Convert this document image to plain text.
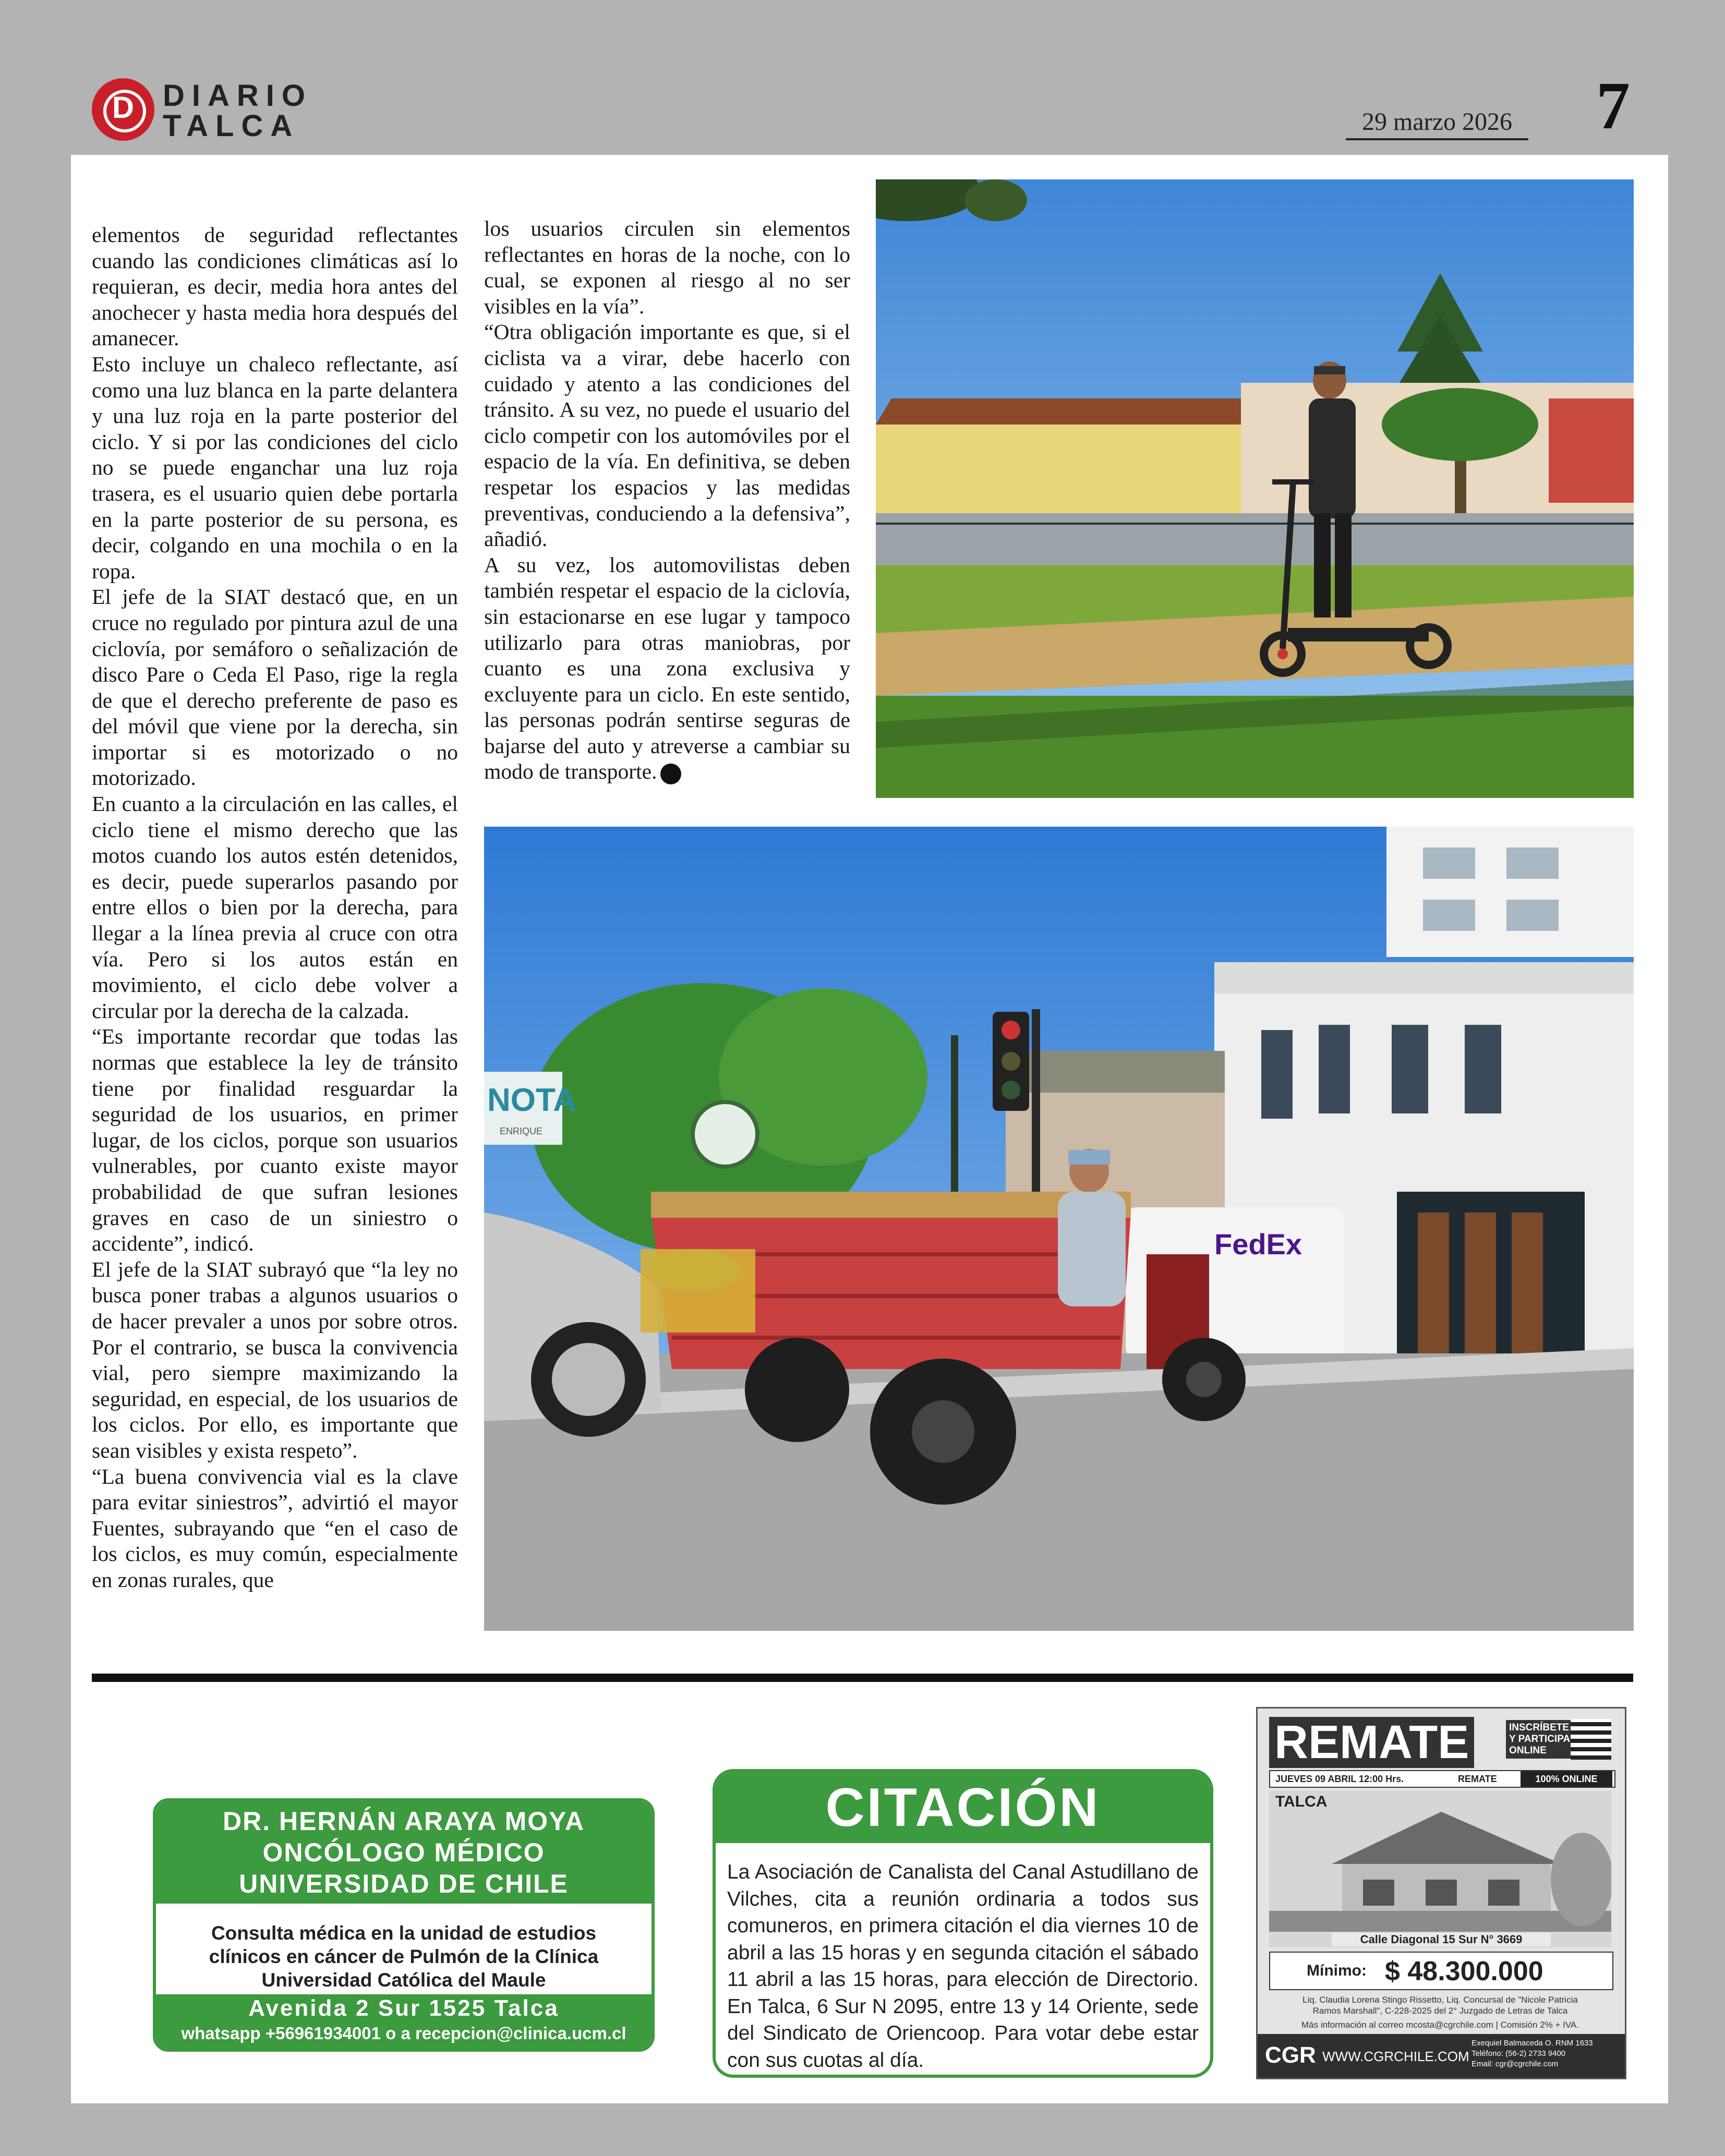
D DIARIO
TALCA	29 marzo 2026 7

elementos de seguridad reflectantes cuando las condiciones climáticas así lo requieran, es decir, media hora antes del anochecer y hasta media hora después del amanecer.

Esto incluye un chaleco reflectante, así como una luz blanca en la parte delantera y una luz roja en la parte posterior del ciclo. Y si por las condiciones del ciclo no se puede enganchar una luz roja trasera, es el usuario quien debe portarla en la parte posterior de su persona, es decir, colgando en una mochila o en la ropa.

El jefe de la SIAT destacó que, en un cruce no regulado por pintura azul de una ciclovía, por semáforo o señalización de disco Pare o Ceda El Paso, rige la regla de que el derecho preferente de paso es del móvil que viene por la derecha, sin importar si es motorizado o no motorizado.

En cuanto a la circulación en las calles, el ciclo tiene el mismo derecho que las motos cuando los autos estén detenidos, es decir, puede superarlos pasando por entre ellos o bien por la derecha, para llegar a la línea previa al cruce con otra vía. Pero si los autos están en movimiento, el ciclo debe volver a circular por la derecha de la calzada.

“Es importante recordar que todas las normas que establece la ley de tránsito tiene por finalidad resguardar la seguridad de los usuarios, en primer lugar, de los ciclos, porque son usuarios vulnerables, por cuanto existe mayor probabilidad de que sufran lesiones graves en caso de un siniestro o accidente”, indicó.

El jefe de la SIAT subrayó que “la ley no busca poner trabas a algunos usuarios o de hacer prevaler a unos por sobre otros. Por el contrario, se busca la convivencia vial, pero siempre maximizando la seguridad, en especial, de los usuarios de los ciclos. Por ello, es importante que sean visibles y exista respeto”.

“La buena convivencia vial es la clave para evitar siniestros”, advirtió el mayor Fuentes, subrayando que “en el caso de los ciclos, es muy común, especialmente en zonas rurales, que

los usuarios circulen sin elementos reflectantes en horas de la noche, con lo cual, se exponen al riesgo al no ser visibles en la vía”.

“Otra obligación importante es que, si el ciclista va a virar, debe hacerlo con cuidado y atento a las condiciones del tránsito. A su vez, no puede el usuario del ciclo competir con los automóviles por el espacio de la vía. En definitiva, se deben respetar los espacios y las medidas preventivas, conduciendo a la defensiva”, añadió.

A su vez, los automovilistas deben también respetar el espacio de la ciclovía, sin estacionarse en ese lugar y tampoco utilizarlo para otras maniobras, por cuanto es una zona exclusiva y excluyente para un ciclo. En este sentido, las personas podrán sentirse seguras de bajarse del auto y atreverse a cambiar su modo de transporte.

NOTA
ENRIQUE
FedEx
DR. HERNÁN ARAYA MOYA
ONCÓLOGO MÉDICO
UNIVERSIDAD DE CHILE
Consulta médica en la unidad de estudios
clínicos en cáncer de Pulmón de la Clínica
Universidad Católica del Maule
Avenida 2 Sur 1525 Talca
whatsapp +56961934001 o a recepcion@clinica.ucm.cl
CITACIÓN
La Asociación de Canalista del Canal Astudillano de Vilches, cita a reunión ordinaria a todos sus comuneros, en primera citación el dia viernes 10 de abril a las 15 horas y en segunda citación el sábado 11 abril a las 15 horas, para elección de Directorio. En Talca, 6 Sur N 2095, entre 13 y 14 Oriente, sede del Sindicato de Oriencoop. Para votar debe estar con sus cuotas al día.
REMATE	INSCRÍBETE
Y PARTICIPA
ONLINE
JUEVES 09 ABRIL 12:00 Hrs.	REMATE	100% ONLINE
TALCA
Calle Diagonal 15 Sur N° 3669
Mínimo: $ 48.300.000
Liq. Claudia Lorena Stingo Rissetto, Liq. Concursal de "Nicole Patricia
Ramos Marshall", C-228-2025 del 2° Juzgado de Letras de Talca
Más información al correo mcosta@cgrchile.com | Comisión 2% + IVA.
CGR WWW.CGRCHILE.COM
Exequiel Balmaceda O. RNM 1633
Teléfono: (56-2) 2733 9400
Email: cgr@cgrchile.com
